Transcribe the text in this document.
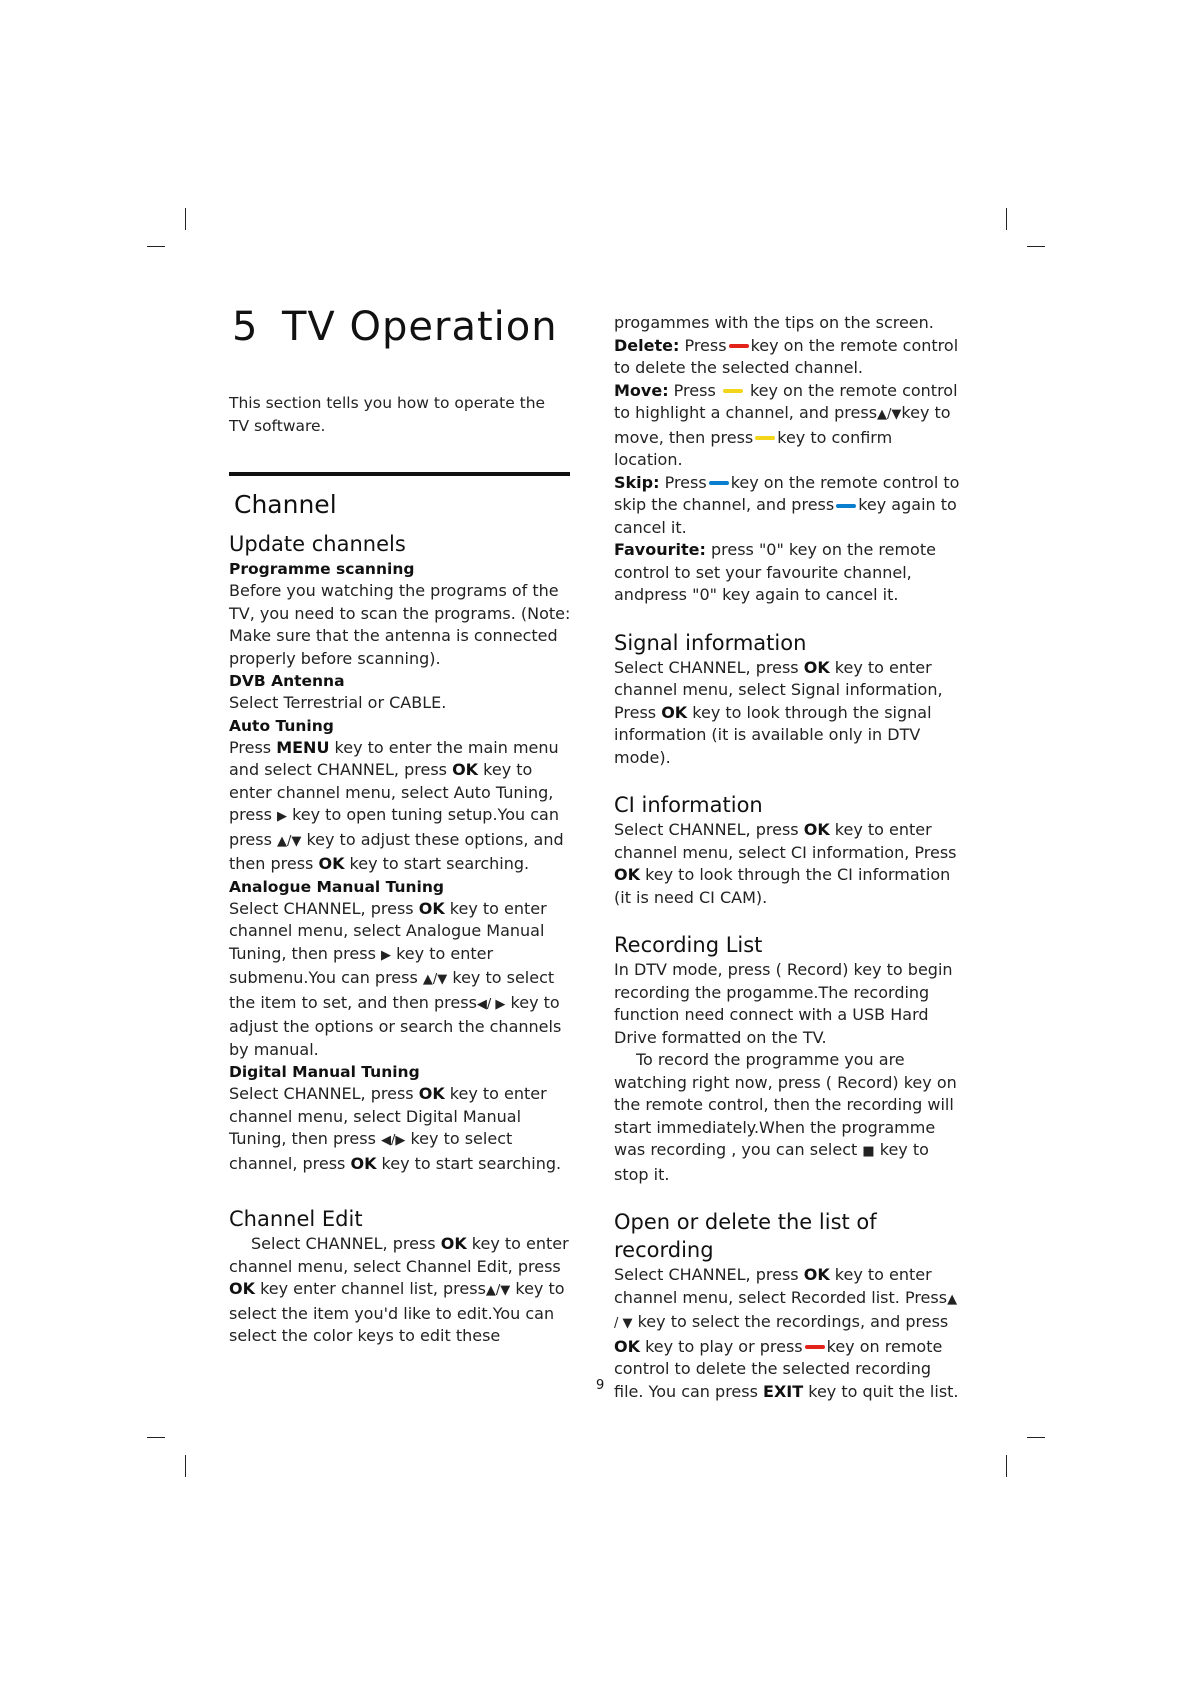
5 TV Operation

This section tells you how to operate the TV software.

Channel
Update channels
Programme scanning

Before you watching the programs of the TV, you need to scan the programs. (Note: Make sure that the antenna is connected properly before scanning).

DVB Antenna

Select Terrestrial or CABLE.

Auto Tuning

Press MENU key to enter the main menu and select CHANNEL, press OK key to enter channel menu, select Auto Tuning, press ▶ key to open tuning setup.You can press ▲/▼ key to adjust these options, and then press OK key to start searching.

Analogue Manual Tuning

Select CHANNEL, press OK key to enter channel menu, select Analogue Manual Tuning, then press ▶ key to enter submenu.You can press ▲/▼ key to select the item to set, and then press◀/ ▶ key to adjust the options or search the channels by manual.

Digital Manual Tuning

Select CHANNEL, press OK key to enter channel menu, select Digital Manual Tuning, then press ◀/▶ key to select channel, press OK key to start searching.

Channel Edit

Select CHANNEL, press OK key to enter channel menu, select Channel Edit, press OK key enter channel list, press▲/▼ key to select the item you'd like to edit.You can select the color keys to edit these

progammes with the tips on the screen.

Delete: Press key on the remote control to delete the selected channel.

Move: Press  key on the remote control to highlight a channel, and press▲/▼key to move, then press key to confirm location.

Skip: Press key on the remote control to skip the channel, and press key again to cancel it.

Favourite: press "0" key on the remote control to set your favourite channel, andpress "0" key again to cancel it.

Signal information

Select CHANNEL, press OK key to enter channel menu, select Signal information, Press OK key to look through the signal information (it is available only in DTV mode).

CI information

Select CHANNEL, press OK key to enter channel menu, select CI information, Press OK key to look through the CI information (it is need CI CAM).

Recording List

In DTV mode, press ( Record) key to begin recording the progamme.The recording function need connect with a USB Hard Drive formatted on the TV.

To record the programme you are watching right now, press ( Record) key on the remote control, then the recording will start immediately.When the programme was recording , you can select ■ key to stop it.

Open or delete the list of recording

Select CHANNEL, press OK key to enter channel menu, select Recorded list. Press▲ / ▼ key to select the recordings, and press OK key to play or press key on remote control to delete the selected recording file. You can press EXIT key to quit the list.

9
